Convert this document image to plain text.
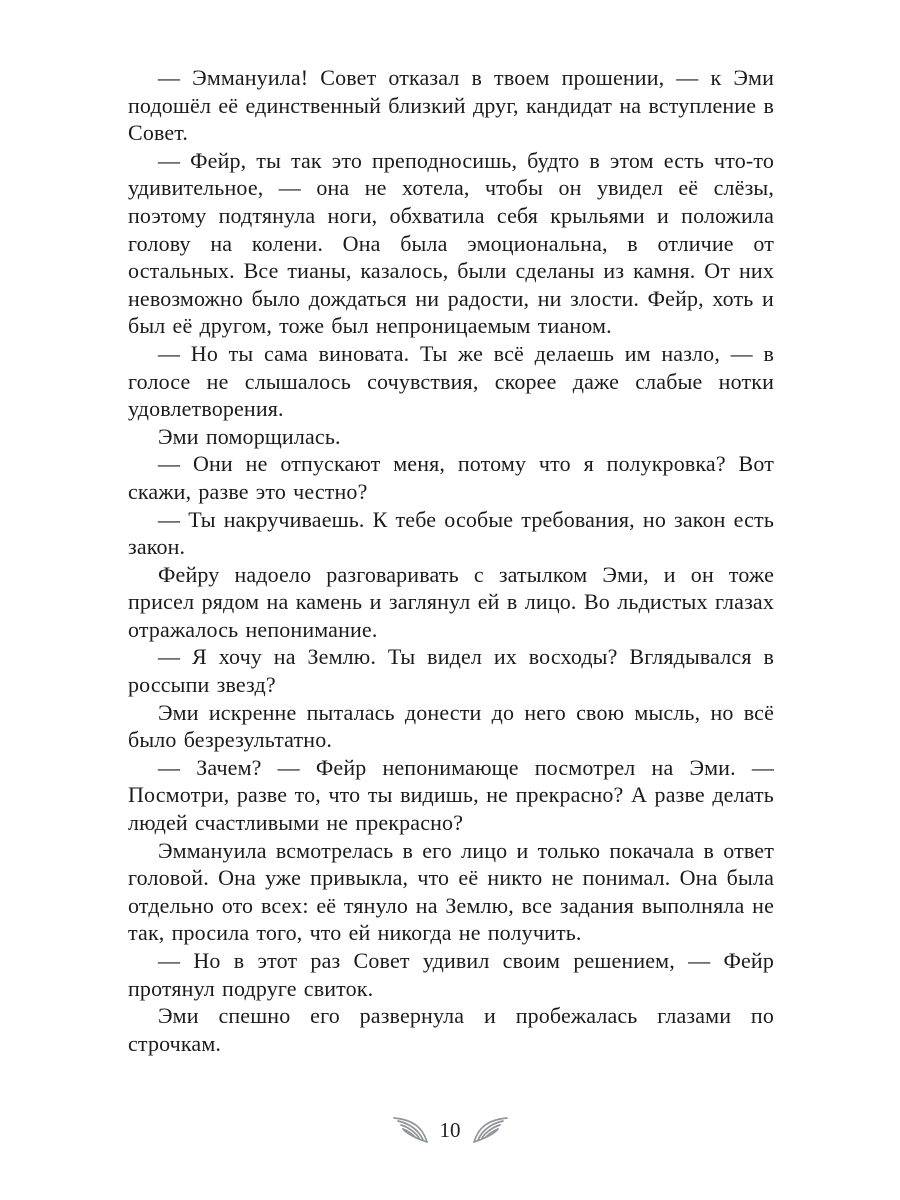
— Эммануила! Совет отказал в твоем прошении, — к Эми подошёл её единственный близкий друг, кандидат на вступление в Совет.

— Фейр, ты так это преподносишь, будто в этом есть что-то удивительное, — она не хотела, чтобы он увидел её слёзы, поэтому подтянула ноги, обхватила себя крыльями и положила голову на колени. Она была эмоциональна, в отличие от остальных. Все тианы, казалось, были сделаны из камня. От них невозможно было дождаться ни радости, ни злости. Фейр, хоть и был её другом, тоже был непроницаемым тианом.

— Но ты сама виновата. Ты же всё делаешь им назло, — в голосе не слышалось сочувствия, скорее даже слабые нотки удовлетворения.

Эми поморщилась.

— Они не отпускают меня, потому что я полукровка? Вот скажи, разве это честно?

— Ты накручиваешь. К тебе особые требования, но закон есть закон.

Фейру надоело разговаривать с затылком Эми, и он тоже присел рядом на камень и заглянул ей в лицо. Во льдистых глазах отражалось непонимание.

— Я хочу на Землю. Ты видел их восходы? Вглядывался в россыпи звезд?

Эми искренне пыталась донести до него свою мысль, но всё было безрезультатно.

— Зачем? — Фейр непонимающе посмотрел на Эми. — Посмотри, разве то, что ты видишь, не прекрасно? А разве делать людей счастливыми не прекрасно?

Эммануила всмотрелась в его лицо и только покачала в ответ головой. Она уже привыкла, что её никто не понимал. Она была отдельно ото всех: её тянуло на Землю, все задания выполняла не так, просила того, что ей никогда не получить.

— Но в этот раз Совет удивил своим решением, — Фейр протянул подруге свиток.

Эми спешно его развернула и пробежалась глазами по строчкам.

10
